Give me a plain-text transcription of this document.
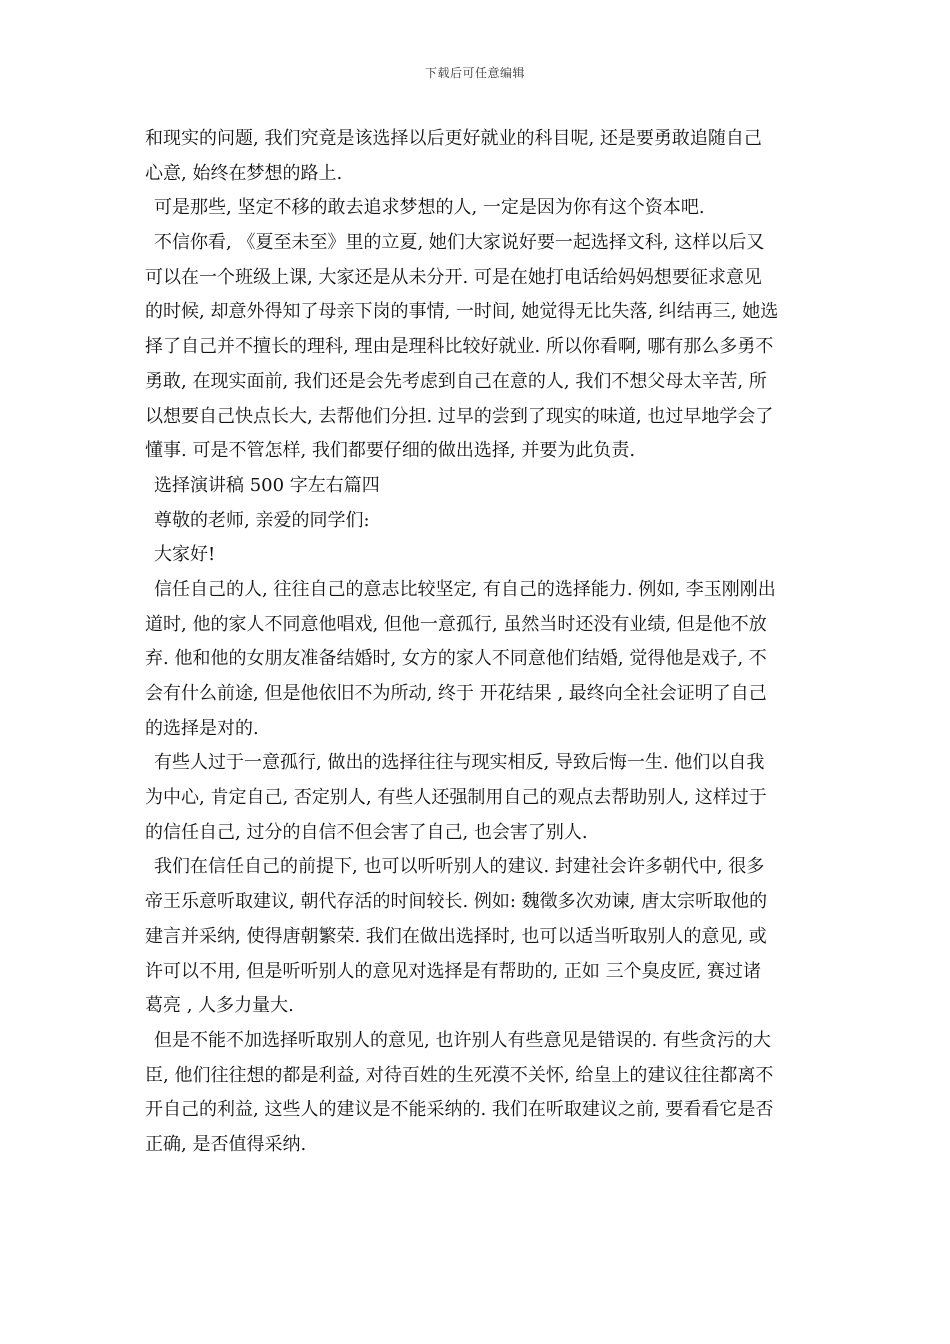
下载后可任意编辑
和现实的问题, 我们究竟是该选择以后更好就业的科目呢, 还是要勇敢追随自己
心意, 始终在梦想的路上.
可是那些, 坚定不移的敢去追求梦想的人, 一定是因为你有这个资本吧.
不信你看, 《夏至未至》里的立夏, 她们大家说好要一起选择文科, 这样以后又
可以在一个班级上课, 大家还是从未分开. 可是在她打电话给妈妈想要征求意见
的时候, 却意外得知了母亲下岗的事情, 一时间, 她觉得无比失落, 纠结再三, 她选
择了自己并不擅长的理科, 理由是理科比较好就业. 所以你看啊, 哪有那么多勇不
勇敢, 在现实面前, 我们还是会先考虑到自己在意的人, 我们不想父母太辛苦, 所
以想要自己快点长大, 去帮他们分担. 过早的尝到了现实的味道, 也过早地学会了
懂事. 可是不管怎样, 我们都要仔细的做出选择, 并要为此负责.
选择演讲稿 500 字左右篇四
尊敬的老师, 亲爱的同学们:
大家好!
信任自己的人, 往往自己的意志比较坚定, 有自己的选择能力. 例如, 李玉刚刚出
道时, 他的家人不同意他唱戏, 但他一意孤行, 虽然当时还没有业绩, 但是他不放
弃. 他和他的女朋友准备结婚时, 女方的家人不同意他们结婚, 觉得他是戏子, 不
会有什么前途, 但是他依旧不为所动, 终于 开花结果 , 最终向全社会证明了自己
的选择是对的.
有些人过于一意孤行, 做出的选择往往与现实相反, 导致后悔一生. 他们以自我
为中心, 肯定自己, 否定别人, 有些人还强制用自己的观点去帮助别人, 这样过于
的信任自己, 过分的自信不但会害了自己, 也会害了别人.
我们在信任自己的前提下, 也可以听听别人的建议. 封建社会许多朝代中, 很多
帝王乐意听取建议, 朝代存活的时间较长. 例如: 魏徵多次劝谏, 唐太宗听取他的
建言并采纳, 使得唐朝繁荣. 我们在做出选择时, 也可以适当听取别人的意见, 或
许可以不用, 但是听听别人的意见对选择是有帮助的, 正如 三个臭皮匠, 赛过诸
葛亮 , 人多力量大.
但是不能不加选择听取别人的意见, 也许别人有些意见是错误的. 有些贪污的大
臣, 他们往往想的都是利益, 对待百姓的生死漠不关怀, 给皇上的建议往往都离不
开自己的利益, 这些人的建议是不能采纳的. 我们在听取建议之前, 要看看它是否
正确, 是否值得采纳.
